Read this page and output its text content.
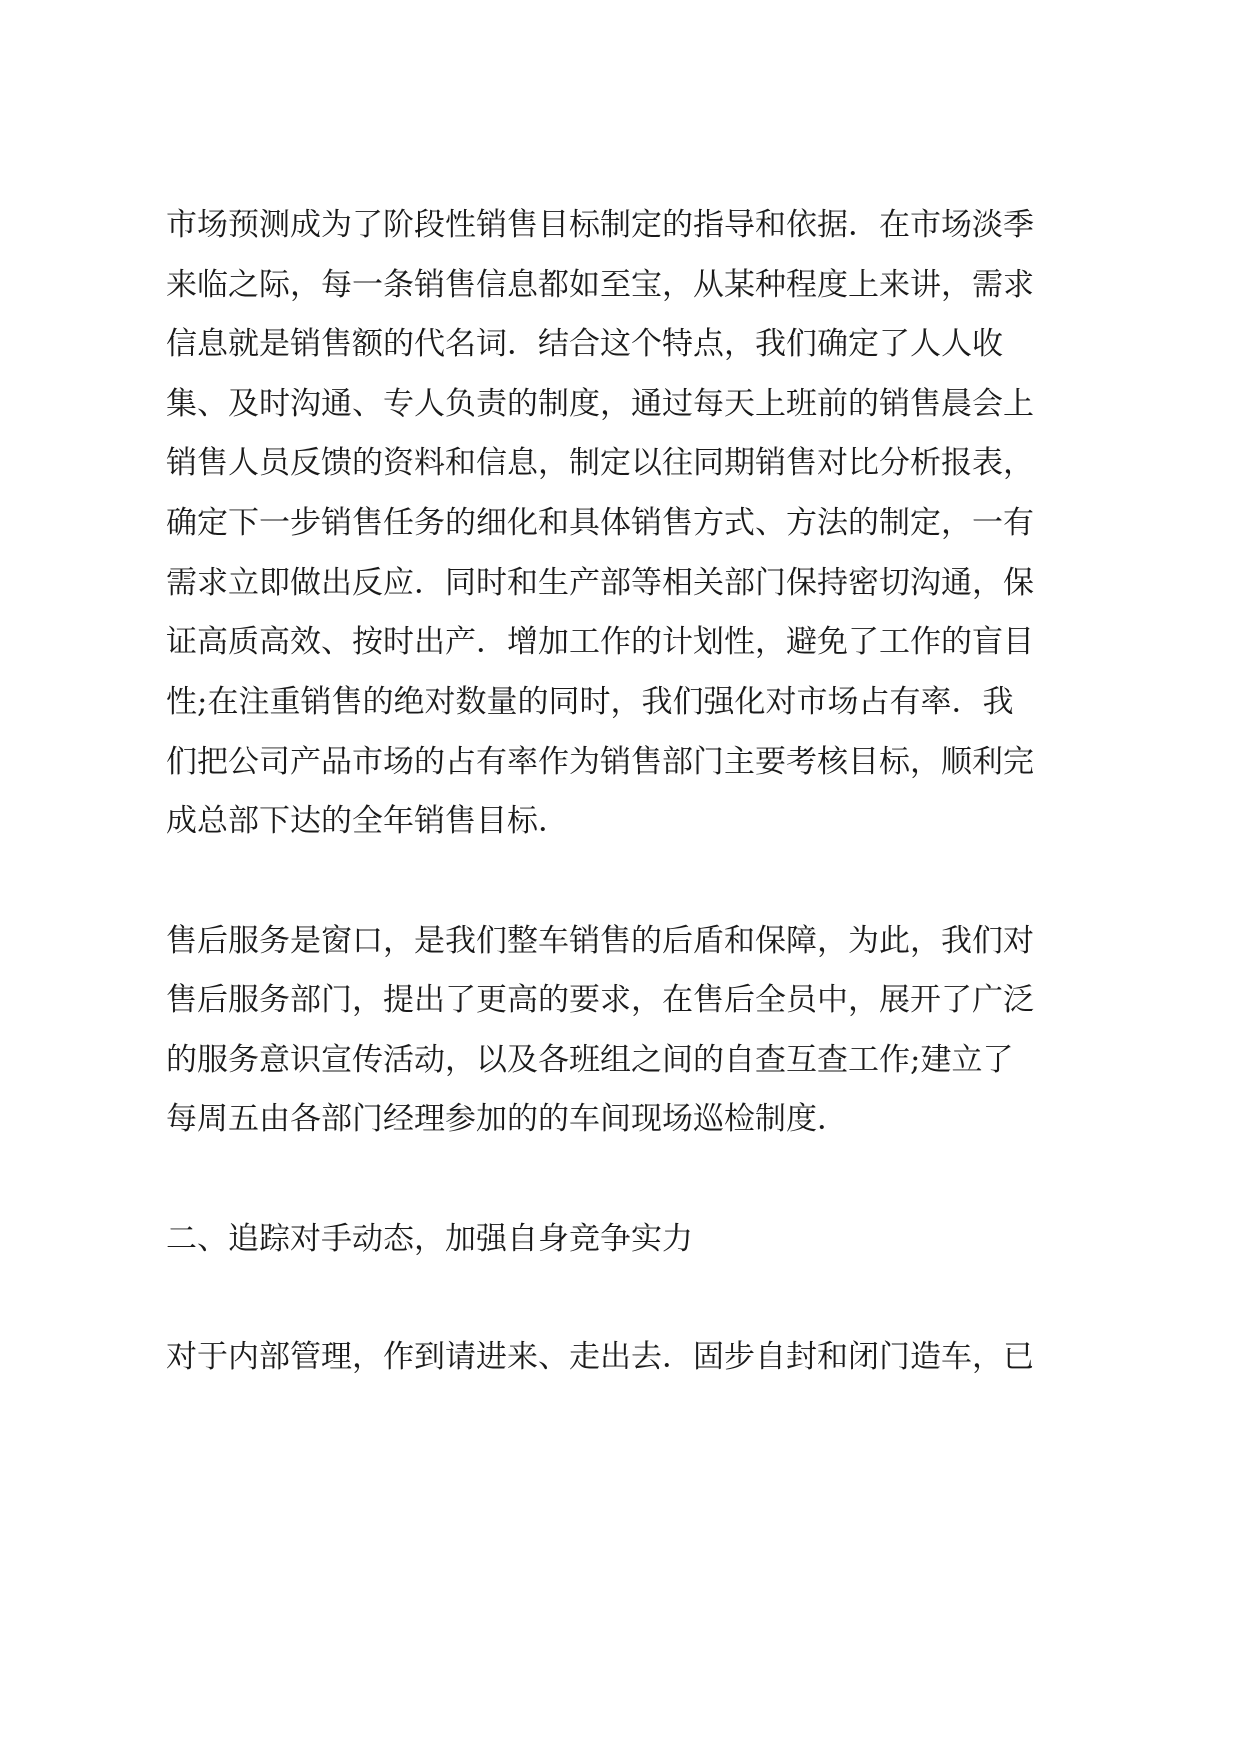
市场预测成为了阶段性销售目标制定的指导和依据．在市场淡季
来临之际，每一条销售信息都如至宝，从某种程度上来讲，需求
信息就是销售额的代名词．结合这个特点，我们确定了人人收
集、及时沟通、专人负责的制度，通过每天上班前的销售晨会上
销售人员反馈的资料和信息，制定以往同期销售对比分析报表，
确定下一步销售任务的细化和具体销售方式、方法的制定，一有
需求立即做出反应．同时和生产部等相关部门保持密切沟通，保
证高质高效、按时出产．增加工作的计划性，避免了工作的盲目
性;在注重销售的绝对数量的同时，我们强化对市场占有率．我
们把公司产品市场的占有率作为销售部门主要考核目标，顺利完
成总部下达的全年销售目标．
售后服务是窗口，是我们整车销售的后盾和保障，为此，我们对
售后服务部门，提出了更高的要求，在售后全员中，展开了广泛
的服务意识宣传活动，以及各班组之间的自查互查工作;建立了
每周五由各部门经理参加的的车间现场巡检制度．
二、追踪对手动态，加强自身竞争实力
对于内部管理，作到请进来、走出去．固步自封和闭门造车，已
